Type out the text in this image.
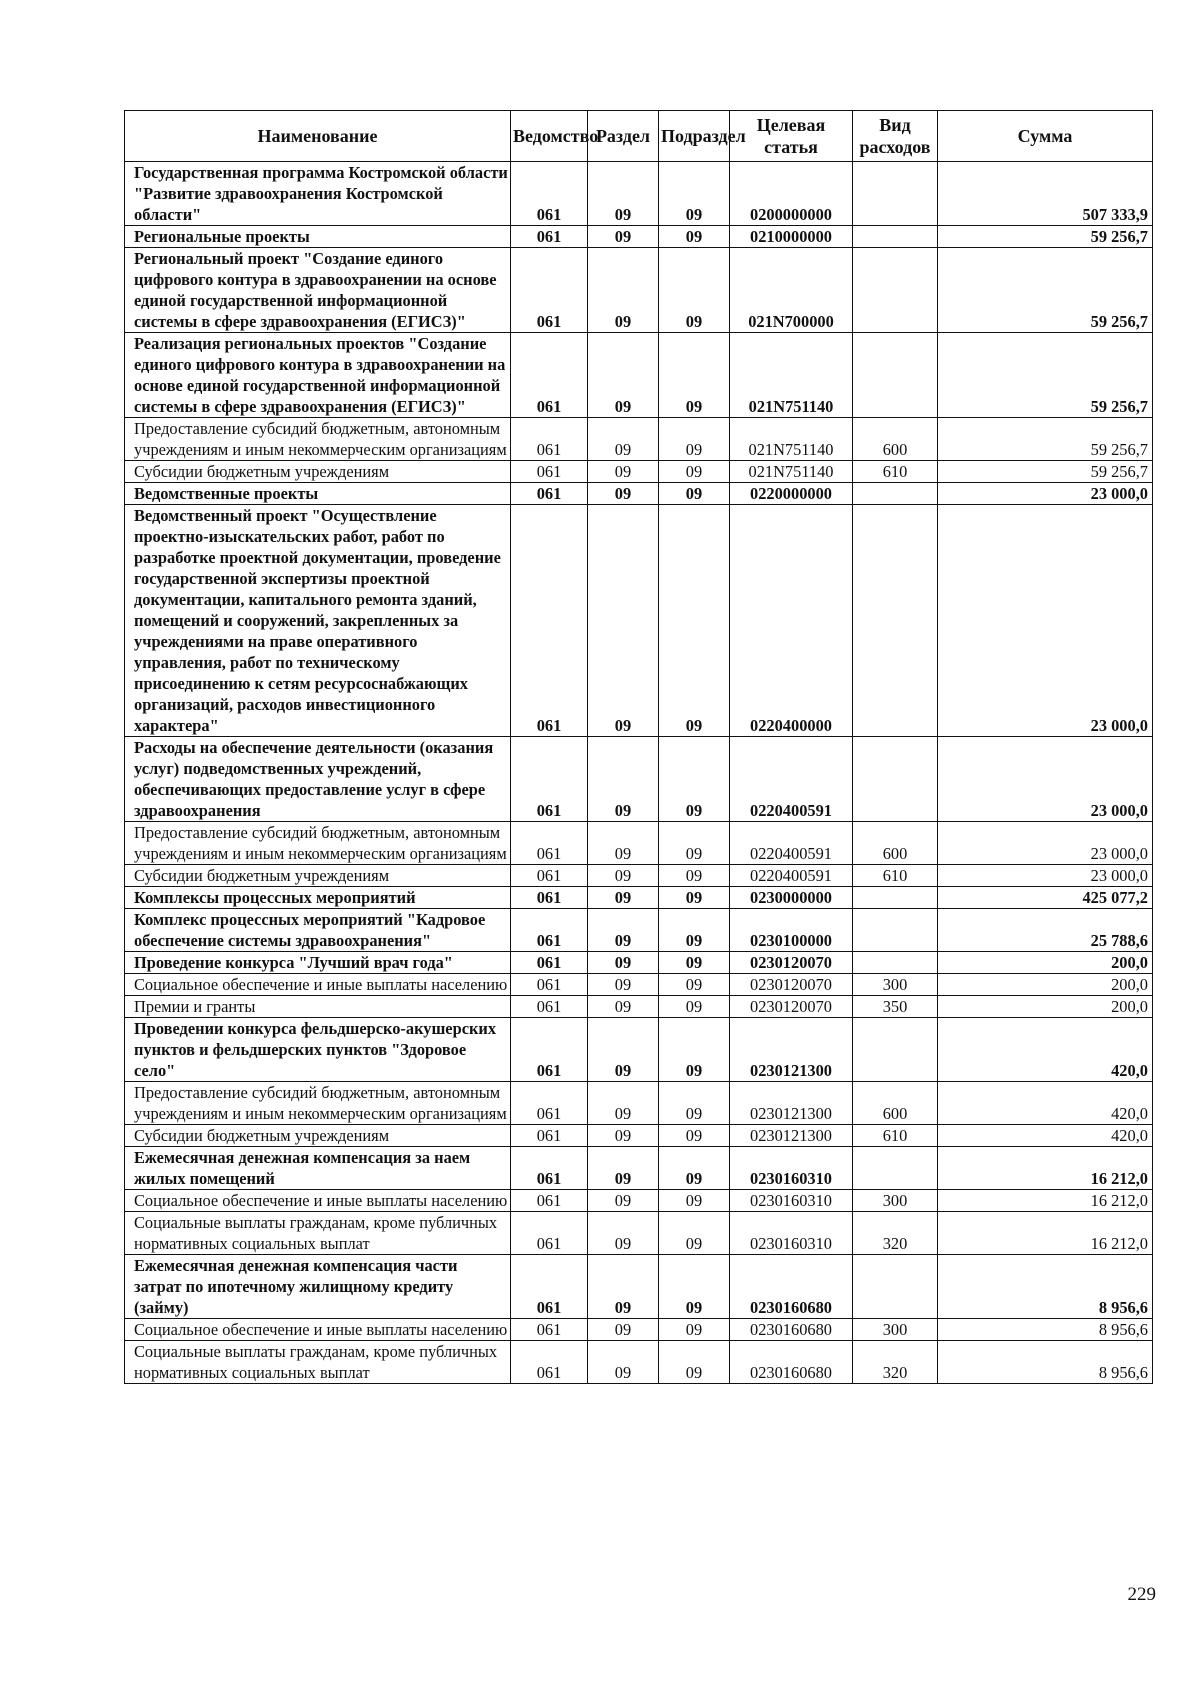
Наименование	Ведомство	Раздел	Подраздел	Целевая статья	Вид расходов	Сумма
Государственная программа Костромской области "Развитие здравоохранения Костромской области"	061	09	09	0200000000		507 333,9
Региональные проекты	061	09	09	0210000000		59 256,7
Региональный проект "Создание единого цифрового контура в здравоохранении на основе единой государственной информационной системы в сфере здравоохранения (ЕГИСЗ)"	061	09	09	021N700000		59 256,7
Реализация региональных проектов "Создание единого цифрового контура в здравоохранении на основе единой государственной информационной системы в сфере здравоохранения (ЕГИСЗ)"	061	09	09	021N751140		59 256,7
Предоставление субсидий бюджетным, автономным учреждениям и иным некоммерческим организациям	061	09	09	021N751140	600	59 256,7
Субсидии бюджетным учреждениям	061	09	09	021N751140	610	59 256,7
Ведомственные проекты	061	09	09	0220000000		23 000,0
Ведомственный проект "Осуществление проектно-изыскательских работ, работ по разработке проектной документации, проведение государственной экспертизы проектной документации, капитального ремонта зданий, помещений и сооружений, закрепленных за учреждениями на праве оперативного управления, работ по техническому присоединению к сетям ресурсоснабжающих организаций, расходов инвестиционного характера"	061	09	09	0220400000		23 000,0
Расходы на обеспечение деятельности (оказания услуг) подведомственных учреждений, обеспечивающих предоставление услуг в сфере здравоохранения	061	09	09	0220400591		23 000,0
Предоставление субсидий бюджетным, автономным учреждениям и иным некоммерческим организациям	061	09	09	0220400591	600	23 000,0
Субсидии бюджетным учреждениям	061	09	09	0220400591	610	23 000,0
Комплексы процессных мероприятий	061	09	09	0230000000		425 077,2
Комплекс процессных мероприятий "Кадровое обеспечение системы здравоохранения"	061	09	09	0230100000		25 788,6
Проведение конкурса "Лучший врач года"	061	09	09	0230120070		200,0
Социальное обеспечение и иные выплаты населению	061	09	09	0230120070	300	200,0
Премии и гранты	061	09	09	0230120070	350	200,0
Проведении конкурса фельдшерско-акушерских пунктов и фельдшерских пунктов "Здоровое село"	061	09	09	0230121300		420,0
Предоставление субсидий бюджетным, автономным учреждениям и иным некоммерческим организациям	061	09	09	0230121300	600	420,0
Субсидии бюджетным учреждениям	061	09	09	0230121300	610	420,0
Ежемесячная денежная компенсация за наем жилых помещений	061	09	09	0230160310		16 212,0
Социальное обеспечение и иные выплаты населению	061	09	09	0230160310	300	16 212,0
Социальные выплаты гражданам, кроме публичных нормативных социальных выплат	061	09	09	0230160310	320	16 212,0
Ежемесячная денежная компенсация части затрат по ипотечному жилищному кредиту (займу)	061	09	09	0230160680		8 956,6
Социальное обеспечение и иные выплаты населению	061	09	09	0230160680	300	8 956,6
Социальные выплаты гражданам, кроме публичных нормативных социальных выплат	061	09	09	0230160680	320	8 956,6
229
